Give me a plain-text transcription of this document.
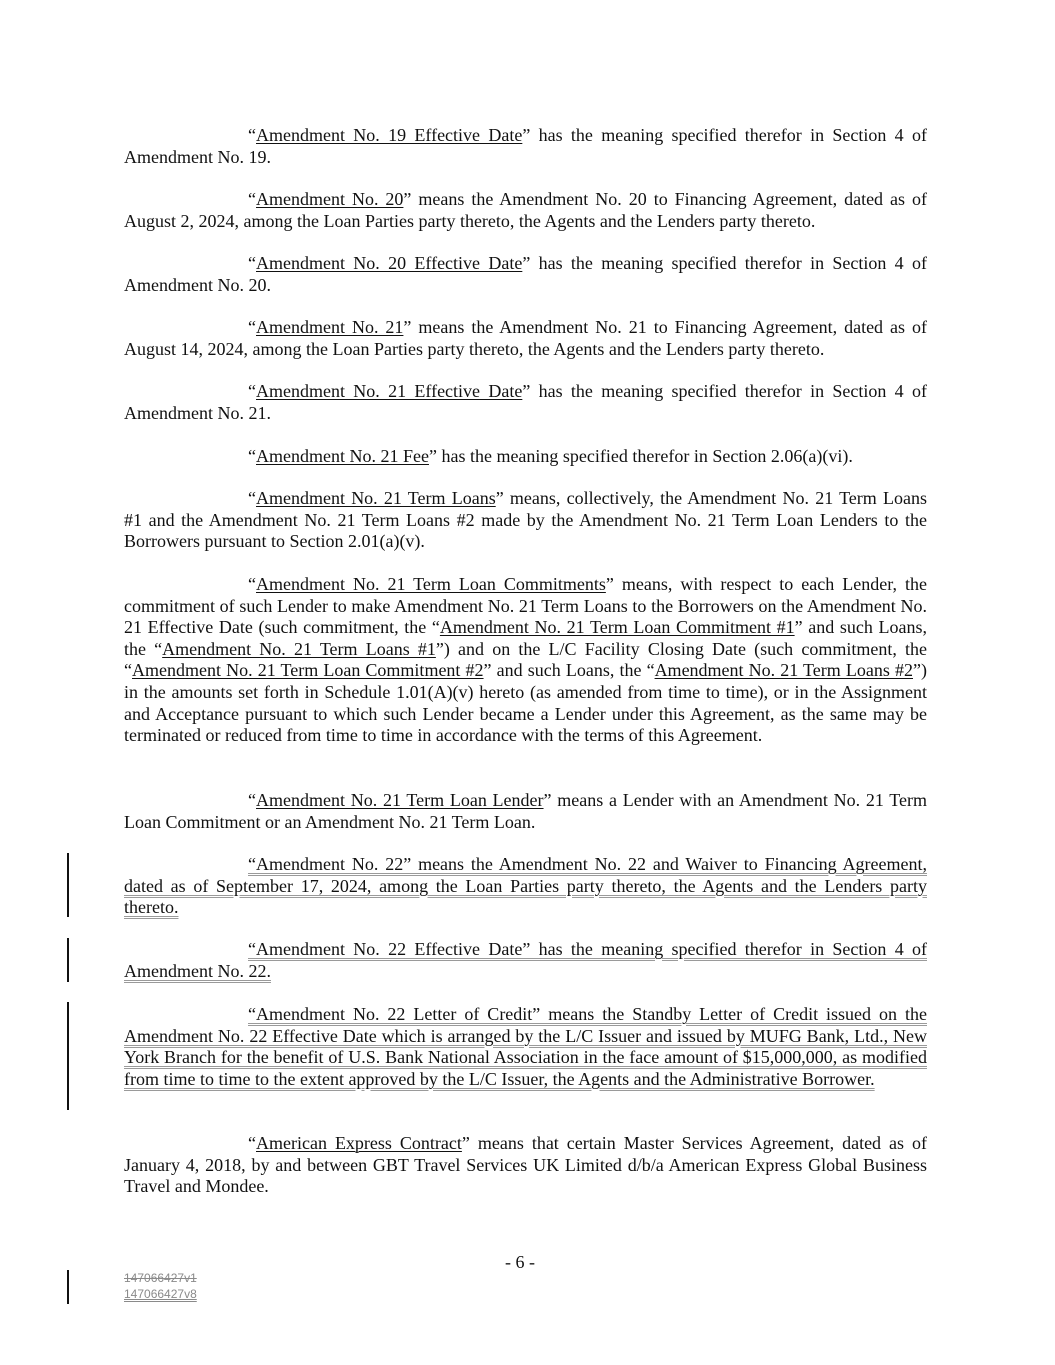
“Amendment No. 19 Effective Date” has the meaning specified therefor in Section 4 of Amendment No. 19.
“Amendment No. 20” means the Amendment No. 20 to Financing Agreement, dated as of August 2, 2024, among the Loan Parties party thereto, the Agents and the Lenders party thereto.
“Amendment No. 20 Effective Date” has the meaning specified therefor in Section 4 of Amendment No. 20.
“Amendment No. 21” means the Amendment No. 21 to Financing Agreement, dated as of August 14, 2024, among the Loan Parties party thereto, the Agents and the Lenders party thereto.
“Amendment No. 21 Effective Date” has the meaning specified therefor in Section 4 of Amendment No. 21.
“Amendment No. 21 Fee” has the meaning specified therefor in Section 2.06(a)(vi).
“Amendment No. 21 Term Loans” means, collectively, the Amendment No. 21 Term Loans #1 and the Amendment No. 21 Term Loans #2 made by the Amendment No. 21 Term Loan Lenders to the Borrowers pursuant to Section 2.01(a)(v).
“Amendment No. 21 Term Loan Commitments” means, with respect to each Lender, the commitment of such Lender to make Amendment No. 21 Term Loans to the Borrowers on the Amendment No. 21 Effective Date (such commitment, the “Amendment No. 21 Term Loan Commitment #1” and such Loans, the “Amendment No. 21 Term Loans #1”) and on the L/C Facility Closing Date (such commitment, the “Amendment No. 21 Term Loan Commitment #2” and such Loans, the “Amendment No. 21 Term Loans #2”) in the amounts set forth in Schedule 1.01(A)(v) hereto (as amended from time to time), or in the Assignment and Acceptance pursuant to which such Lender became a Lender under this Agreement, as the same may be terminated or reduced from time to time in accordance with the terms of this Agreement.
“Amendment No. 21 Term Loan Lender” means a Lender with an Amendment No. 21 Term Loan Commitment or an Amendment No. 21 Term Loan.
“Amendment No. 22” means the Amendment No. 22 and Waiver to Financing Agreement, dated as of September 17, 2024, among the Loan Parties party thereto, the Agents and the Lenders party thereto.
“Amendment No. 22 Effective Date” has the meaning specified therefor in Section 4 of Amendment No. 22.
“Amendment No. 22 Letter of Credit” means the Standby Letter of Credit issued on the Amendment No. 22 Effective Date which is arranged by the L/C Issuer and issued by MUFG Bank, Ltd., New York Branch for the benefit of U.S. Bank National Association in the face amount of $15,000,000, as modified from time to time to the extent approved by the L/C Issuer, the Agents and the Administrative Borrower.
“American Express Contract” means that certain Master Services Agreement, dated as of January 4, 2018, by and between GBT Travel Services UK Limited d/b/a American Express Global Business Travel and Mondee.
- 6 -
147066427v1
147066427v8
